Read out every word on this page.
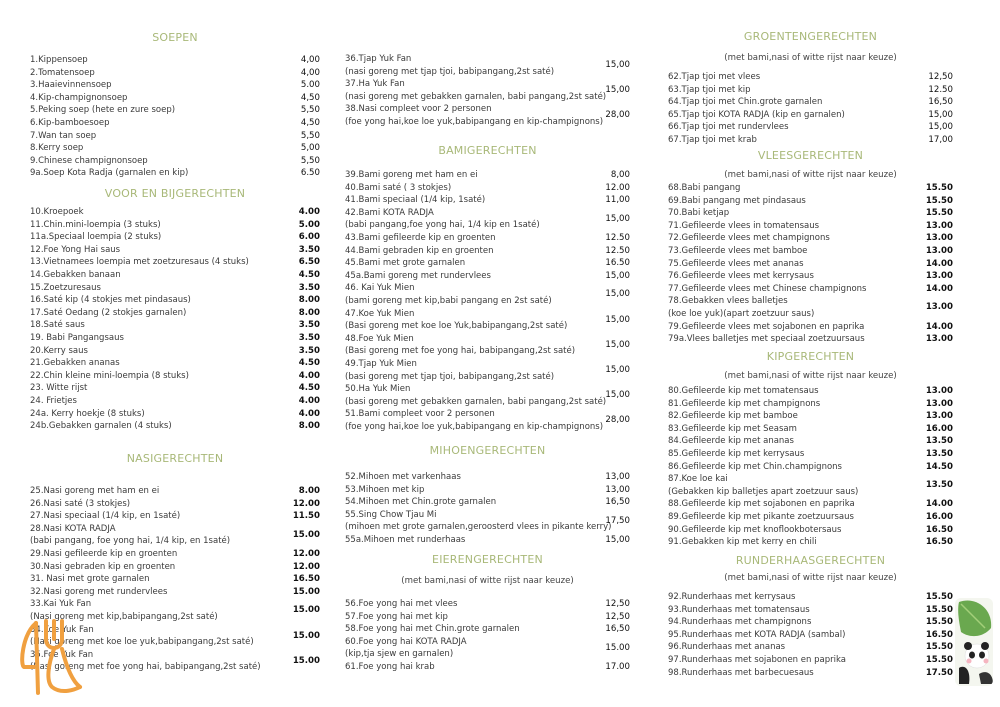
SOEPEN
1.Kippensoep	4,00
2.Tomatensoep	4,00
3.Haaievinnensoep	5.00
4.Kip-champignonsoep	4,50
5.Peking soep (hete en zure soep)	5,50
6.Kip-bamboesoep	4,50
7.Wan tan soep	5,50
8.Kerry soep	5,00
9.Chinese champignonsoep	5,50
9a.Soep Kota Radja (garnalen en kip)	6.50
VOOR EN BIJGERECHTEN
10.Kroepoek	4.00
11.Chin.mini-loempia (3 stuks)	5.00
11a.Speciaal loempia (2 stuks)	6.00
12.Foe Yong Hai saus	3.50
13.Vietnamees loempia met zoetzuresaus (4 stuks)	6.50
14.Gebakken banaan	4.50
15.Zoetzuresaus	3.50
16.Saté kip (4 stokjes met pindasaus)	8.00
17.Saté Oedang (2 stokjes garnalen)	8.00
18.Saté saus	3.50
19. Babi Pangangsaus	3.50
20.Kerry saus	3.50
21.Gebakken ananas	4.50
22.Chin kleine mini-loempia (8 stuks)	4.00
23. Witte rijst	4.50
24. Frietjes	4.00
24a. Kerry hoekje (8 stuks)	4.00
24b.Gebakken garnalen (4 stuks)	8.00
NASIGERECHTEN
25.Nasi goreng met ham en ei	8.00
26.Nasi saté (3 stokjes)	12.00
27.Nasi speciaal (1/4 kip, en 1saté)	11.50
28.Nasi KOTA RADJA
(babi pangang, foe yong hai, 1/4 kip, en 1saté)
15.00
29.Nasi gefileerde kip en groenten	12.00
30.Nasi gebraden kip en groenten	12.00
31. Nasi met grote garnalen	16.50
32.Nasi goreng met rundervlees	15.00
33.Kai Yuk Fan
(Nasi goreng met kip,babipangang,2st saté)
15.00
34.Koe Yuk Fan
(Nasi goreng met koe loe yuk,babipangang,2st saté)
15.00
35.Foe Yuk Fan
(Nasi goreng met foe yong hai, babipangang,2st saté)
15.00
36.Tjap Yuk Fan
(nasi goreng met tjap tjoi, babipangang,2st saté)
15,00
37.Ha Yuk Fan
(nasi goreng met gebakken garnalen, babi pangang,2st saté)
15,00
38.Nasi compleet voor 2 personen
(foe yong hai,koe loe yuk,babipangang en kip-champignons)
28,00
BAMIGERECHTEN
39.Bami goreng met ham en ei	8,00
40.Bami saté ( 3 stokjes)	12.00
41.Bami speciaal (1/4 kip, 1saté)	11,00
42.Bami KOTA RADJA
(babi pangang,foe yong hai, 1/4 kip en 1saté)
15,00
43.Bami gefileerde kip en groenten	12.50
44.Bami gebraden kip en groenten	12.50
45.Bami met grote garnalen	16.50
45a.Bami goreng met rundervlees	15,00
46. Kai Yuk Mien
(bami goreng met kip,babi pangang en 2st saté)
15,00
47.Koe Yuk Mien
(Basi goreng met koe loe Yuk,babipangang,2st saté)
15,00
48.Foe Yuk Mien
(Basi goreng met foe yong hai, babipangang,2st saté)
15,00
49.Tjap Yuk Mien
(basi goreng met tjap tjoi, babipangang,2st saté)
15,00
50.Ha Yuk Mien
(basi goreng met gebakken garnalen, babi pangang,2st saté)
15,00
51.Bami compleet voor 2 personen
(foe yong hai,koe loe yuk,babipangang en kip-champignons)
28,00
MIHOENGERECHTEN
52.Mihoen met varkenhaas	13,00
53.Mihoen met kip	13,00
54.Mihoen met Chin.grote garnalen	16,50
55.Sing Chow Tjau Mi
(mihoen met grote garnalen,geroosterd vlees in pikante kerry)
17,50
55a.Mihoen met runderhaas	15,00
EIERENGERECHTEN
(met bami,nasi of witte rijst naar keuze)
56.Foe yong hai met vlees	12,50
57.Foe yong hai met kip	12,50
58.Foe yong hai met Chin.grote garnalen	16,50
60.Foe yong hai KOTA RADJA
(kip,tja sjew en garnalen)
15.00
61.Foe yong hai krab	17.00
GROENTENGERECHTEN
(met bami,nasi of witte rijst naar keuze)
62.Tjap tjoi met vlees	12,50
63.Tjap tjoi met kip	12.50
64.Tjap tjoi met Chin.grote garnalen	16,50
65.Tjap tjoi KOTA RADJA (kip en garnalen)	15,00
66.Tjap tjoi met rundervlees	15,00
67.Tjap tjoi met krab	17,00
VLEESGERECHTEN
(met bami,nasi of witte rijst naar keuze)
68.Babi pangang	15.50
69.Babi pangang met pindasaus	15.50
70.Babi ketjap	15.50
71.Gefileerde vlees in tomatensaus	13.00
72.Gefileerde vlees met champignons	13.00
73.Gefileerde vlees met bamboe	13.00
75.Gefileerde vlees met ananas	14.00
76.Gefileerde vlees met kerrysaus	13.00
77.Gefileerde vlees met Chinese champignons	14.00
78.Gebakken vlees balletjes
(koe loe yuk)(apart zoetzuur saus)
13.00
79.Gefileerde vlees met sojabonen en paprika	14.00
79a.Vlees balletjes met speciaal zoetzuursaus	13.00
KIPGERECHTEN
(met bami,nasi of witte rijst naar keuze)
80.Gefileerde kip met tomatensaus	13.00
81.Gefileerde kip met champignons	13.00
82.Gefileerde kip met bamboe	13.00
83.Gefileerde kip met Seasam	16.00
84.Gefileerde kip met ananas	13.50
85.Gefileerde kip met kerrysaus	13.50
86.Gefileerde kip met Chin.champignons	14.50
87.Koe loe kai
(Gebakken kip balletjes apart zoetzuur saus)
13.50
88.Gefileerde kip met sojabonen en paprika	14.00
89.Gefileerde kip met pikante zoetzuursaus	16.00
90.Gefileerde kip met knoflookbotersaus	16.50
91.Gebakken kip met kerry en chili	16.50
RUNDERHAASGERECHTEN
(met bami,nasi of witte rijst naar keuze)
92.Runderhaas met kerrysaus	15.50
93.Runderhaas met tomatensaus	15.50
94.Runderhaas met champignons	15.50
95.Runderhaas met KOTA RADJA (sambal)	16.50
96.Runderhaas met ananas	15.50
97.Runderhaas met sojabonen en paprika	15.50
98.Runderhaas met barbecuesaus	17.50
